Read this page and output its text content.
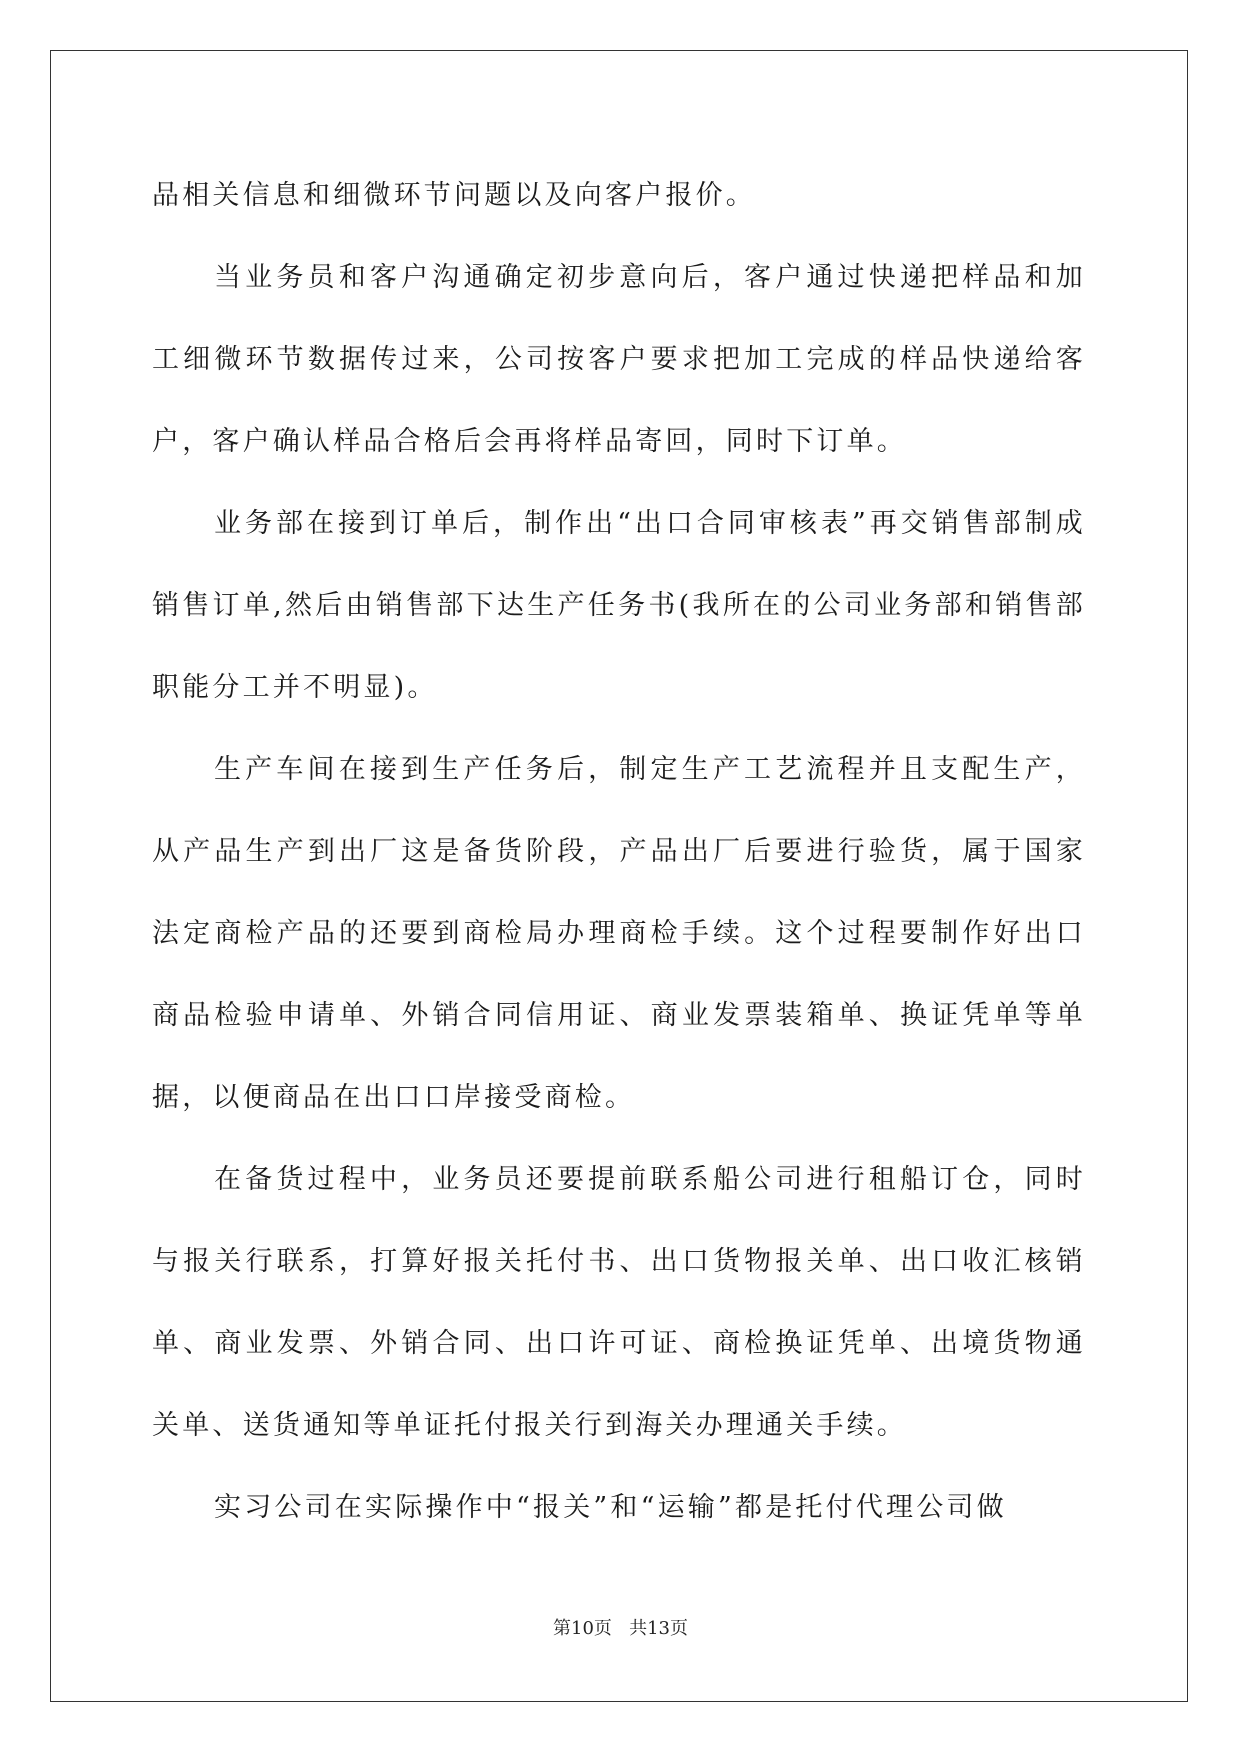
品相关信息和细微环节问题以及向客户报价。

当业务员和客户沟通确定初步意向后，客户通过快递把样品和加工细微环节数据传过来，公司按客户要求把加工完成的样品快递给客户，客户确认样品合格后会再将样品寄回，同时下订单。

业务部在接到订单后，制作出“出口合同审核表”再交销售部制成销售订单,然后由销售部下达生产任务书(我所在的公司业务部和销售部职能分工并不明显)。

生产车间在接到生产任务后，制定生产工艺流程并且支配生产，从产品生产到出厂这是备货阶段，产品出厂后要进行验货，属于国家法定商检产品的还要到商检局办理商检手续。这个过程要制作好出口商品检验申请单、外销合同信用证、商业发票装箱单、换证凭单等单据，以便商品在出口口岸接受商检。

在备货过程中，业务员还要提前联系船公司进行租船订仓，同时与报关行联系，打算好报关托付书、出口货物报关单、出口收汇核销单、商业发票、外销合同、出口许可证、商检换证凭单、出境货物通关单、送货通知等单证托付报关行到海关办理通关手续。

实习公司在实际操作中“报关”和“运输”都是托付代理公司做

第10页 共13页
